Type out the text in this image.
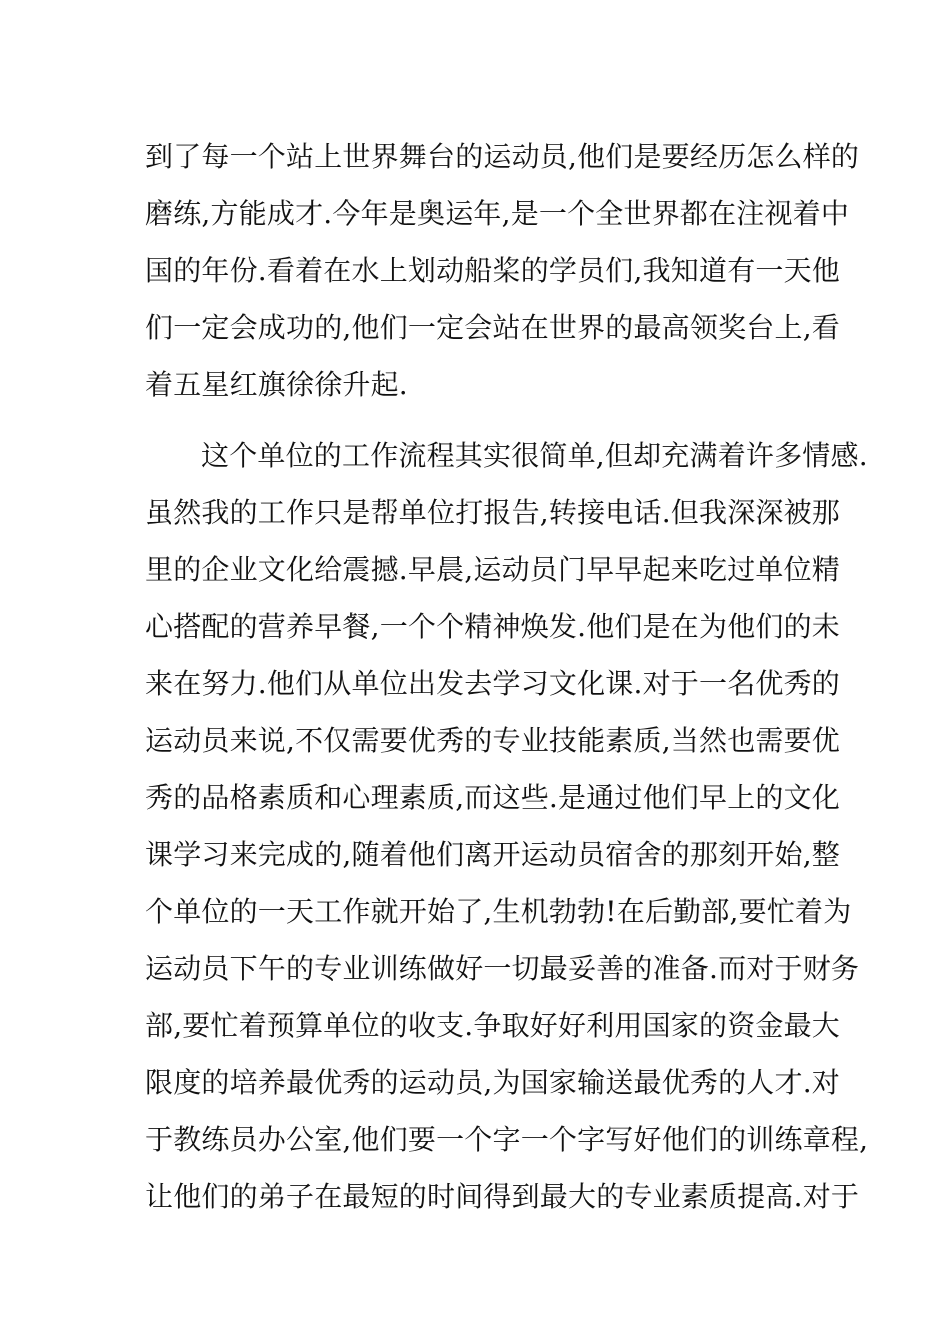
到了每一个站上世界舞台的运动员,他们是要经历怎么样的
磨练,方能成才.今年是奥运年,是一个全世界都在注视着中
国的年份.看着在水上划动船桨的学员们,我知道有一天他
们一定会成功的,他们一定会站在世界的最高领奖台上,看
着五星红旗徐徐升起.
这个单位的工作流程其实很简单,但却充满着许多情感.
虽然我的工作只是帮单位打报告,转接电话.但我深深被那
里的企业文化给震撼.早晨,运动员门早早起来吃过单位精
心搭配的营养早餐,一个个精神焕发.他们是在为他们的未
来在努力.他们从单位出发去学习文化课.对于一名优秀的
运动员来说,不仅需要优秀的专业技能素质,当然也需要优
秀的品格素质和心理素质,而这些.是通过他们早上的文化
课学习来完成的,随着他们离开运动员宿舍的那刻开始,整
个单位的一天工作就开始了,生机勃勃!在后勤部,要忙着为
运动员下午的专业训练做好一切最妥善的准备.而对于财务
部,要忙着预算单位的收支.争取好好利用国家的资金最大
限度的培养最优秀的运动员,为国家输送最优秀的人才.对
于教练员办公室,他们要一个字一个字写好他们的训练章程,
让他们的弟子在最短的时间得到最大的专业素质提高.对于
